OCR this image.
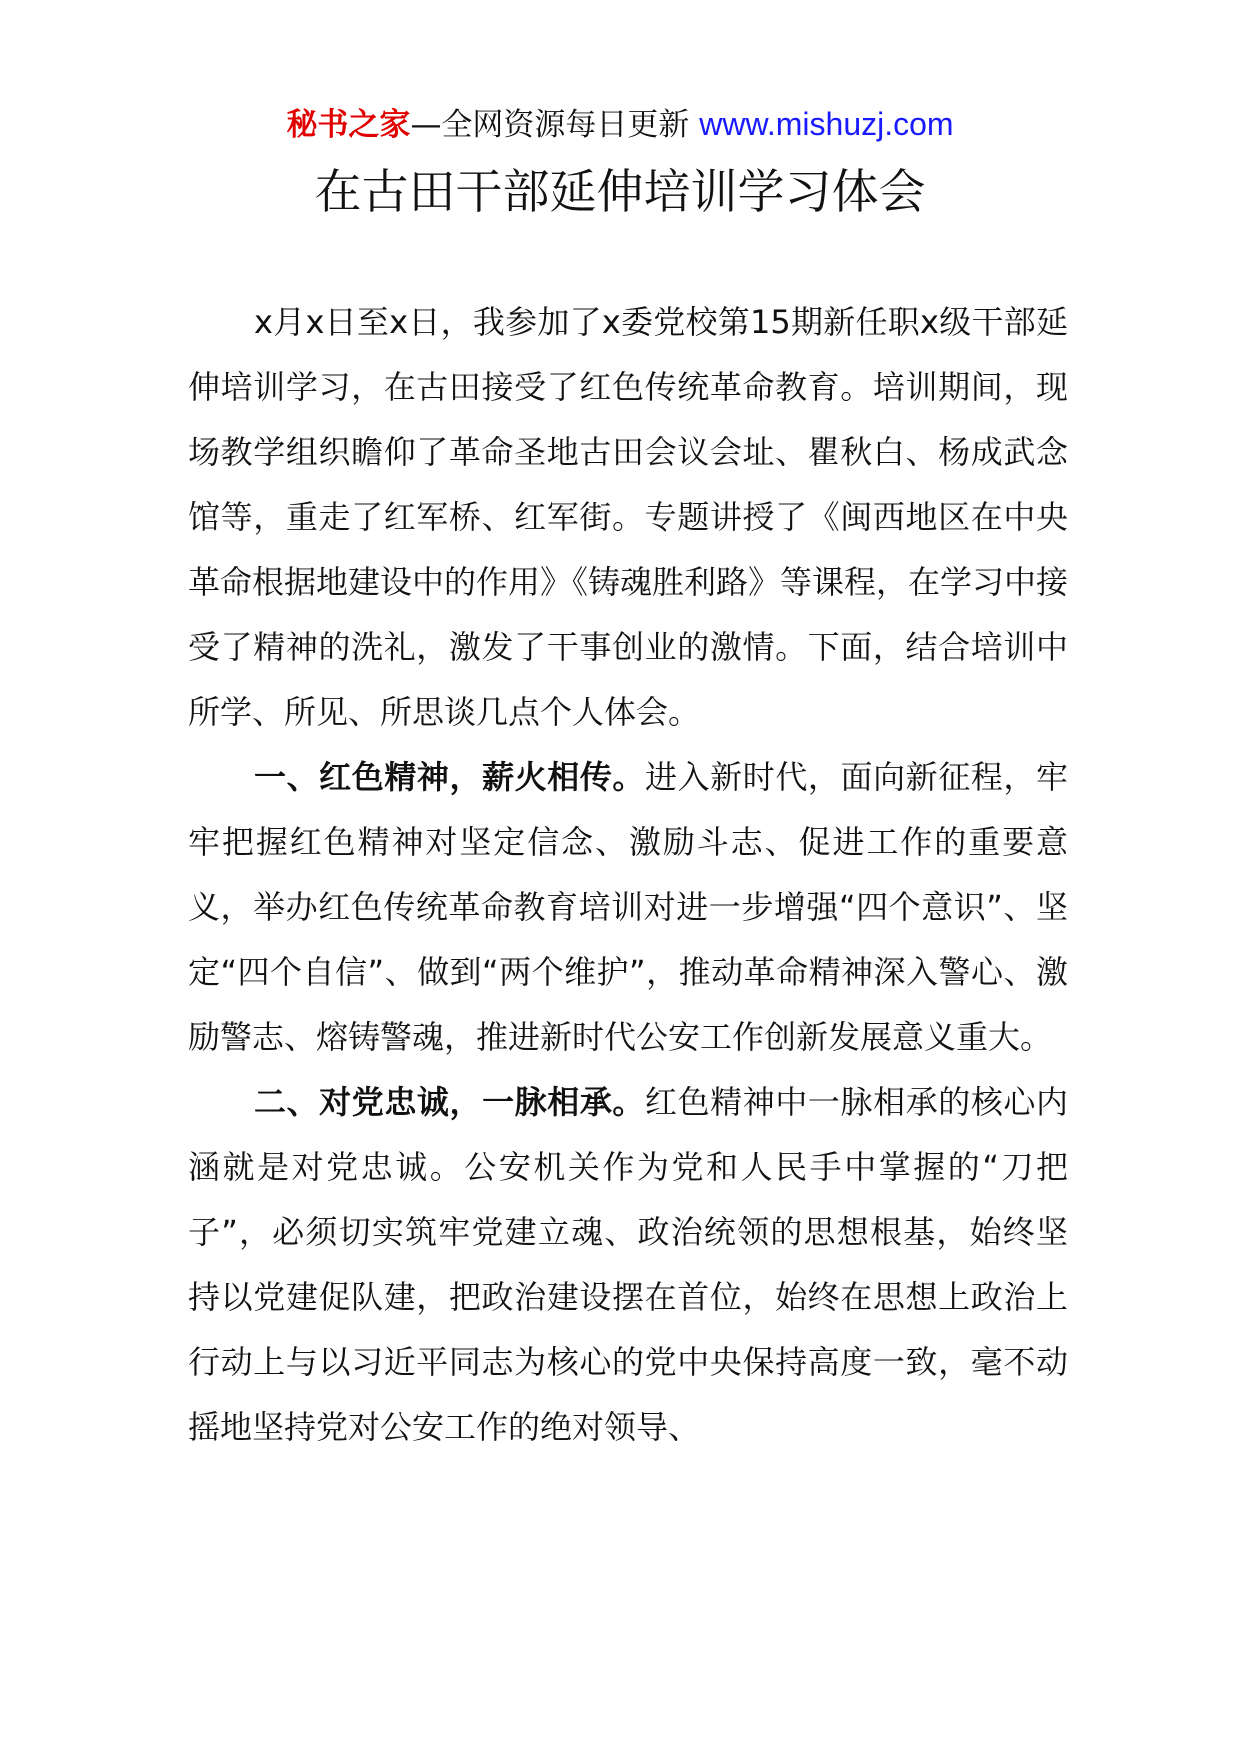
秘书之家—全网资源每日更新 www.mishuzj.com
在古田干部延伸培训学习体会

x月x日至x日，我参加了x委党校第15期新任职x级干部延伸培训学习，在古田接受了红色传统革命教育。培训期间，现场教学组织瞻仰了革命圣地古田会议会址、瞿秋白、杨成武念馆等，重走了红军桥、红军街。专题讲授了《闽西地区在中央革命根据地建设中的作用》《铸魂胜利路》等课程，在学习中接受了精神的洗礼，激发了干事创业的激情。下面，结合培训中所学、所见、所思谈几点个人体会。

一、红色精神，薪火相传。进入新时代，面向新征程，牢牢把握红色精神对坚定信念、激励斗志、促进工作的重要意义，举办红色传统革命教育培训对进一步增强“四个意识”、坚定“四个自信”、做到“两个维护”，推动革命精神深入警心、激励警志、熔铸警魂，推进新时代公安工作创新发展意义重大。

二、对党忠诚，一脉相承。红色精神中一脉相承的核心内涵就是对党忠诚。公安机关作为党和人民手中掌握的“刀把子”，必须切实筑牢党建立魂、政治统领的思想根基，始终坚持以党建促队建，把政治建设摆在首位，始终在思想上政治上行动上与以习近平同志为核心的党中央保持高度一致，毫不动摇地坚持党对公安工作的绝对领导、
